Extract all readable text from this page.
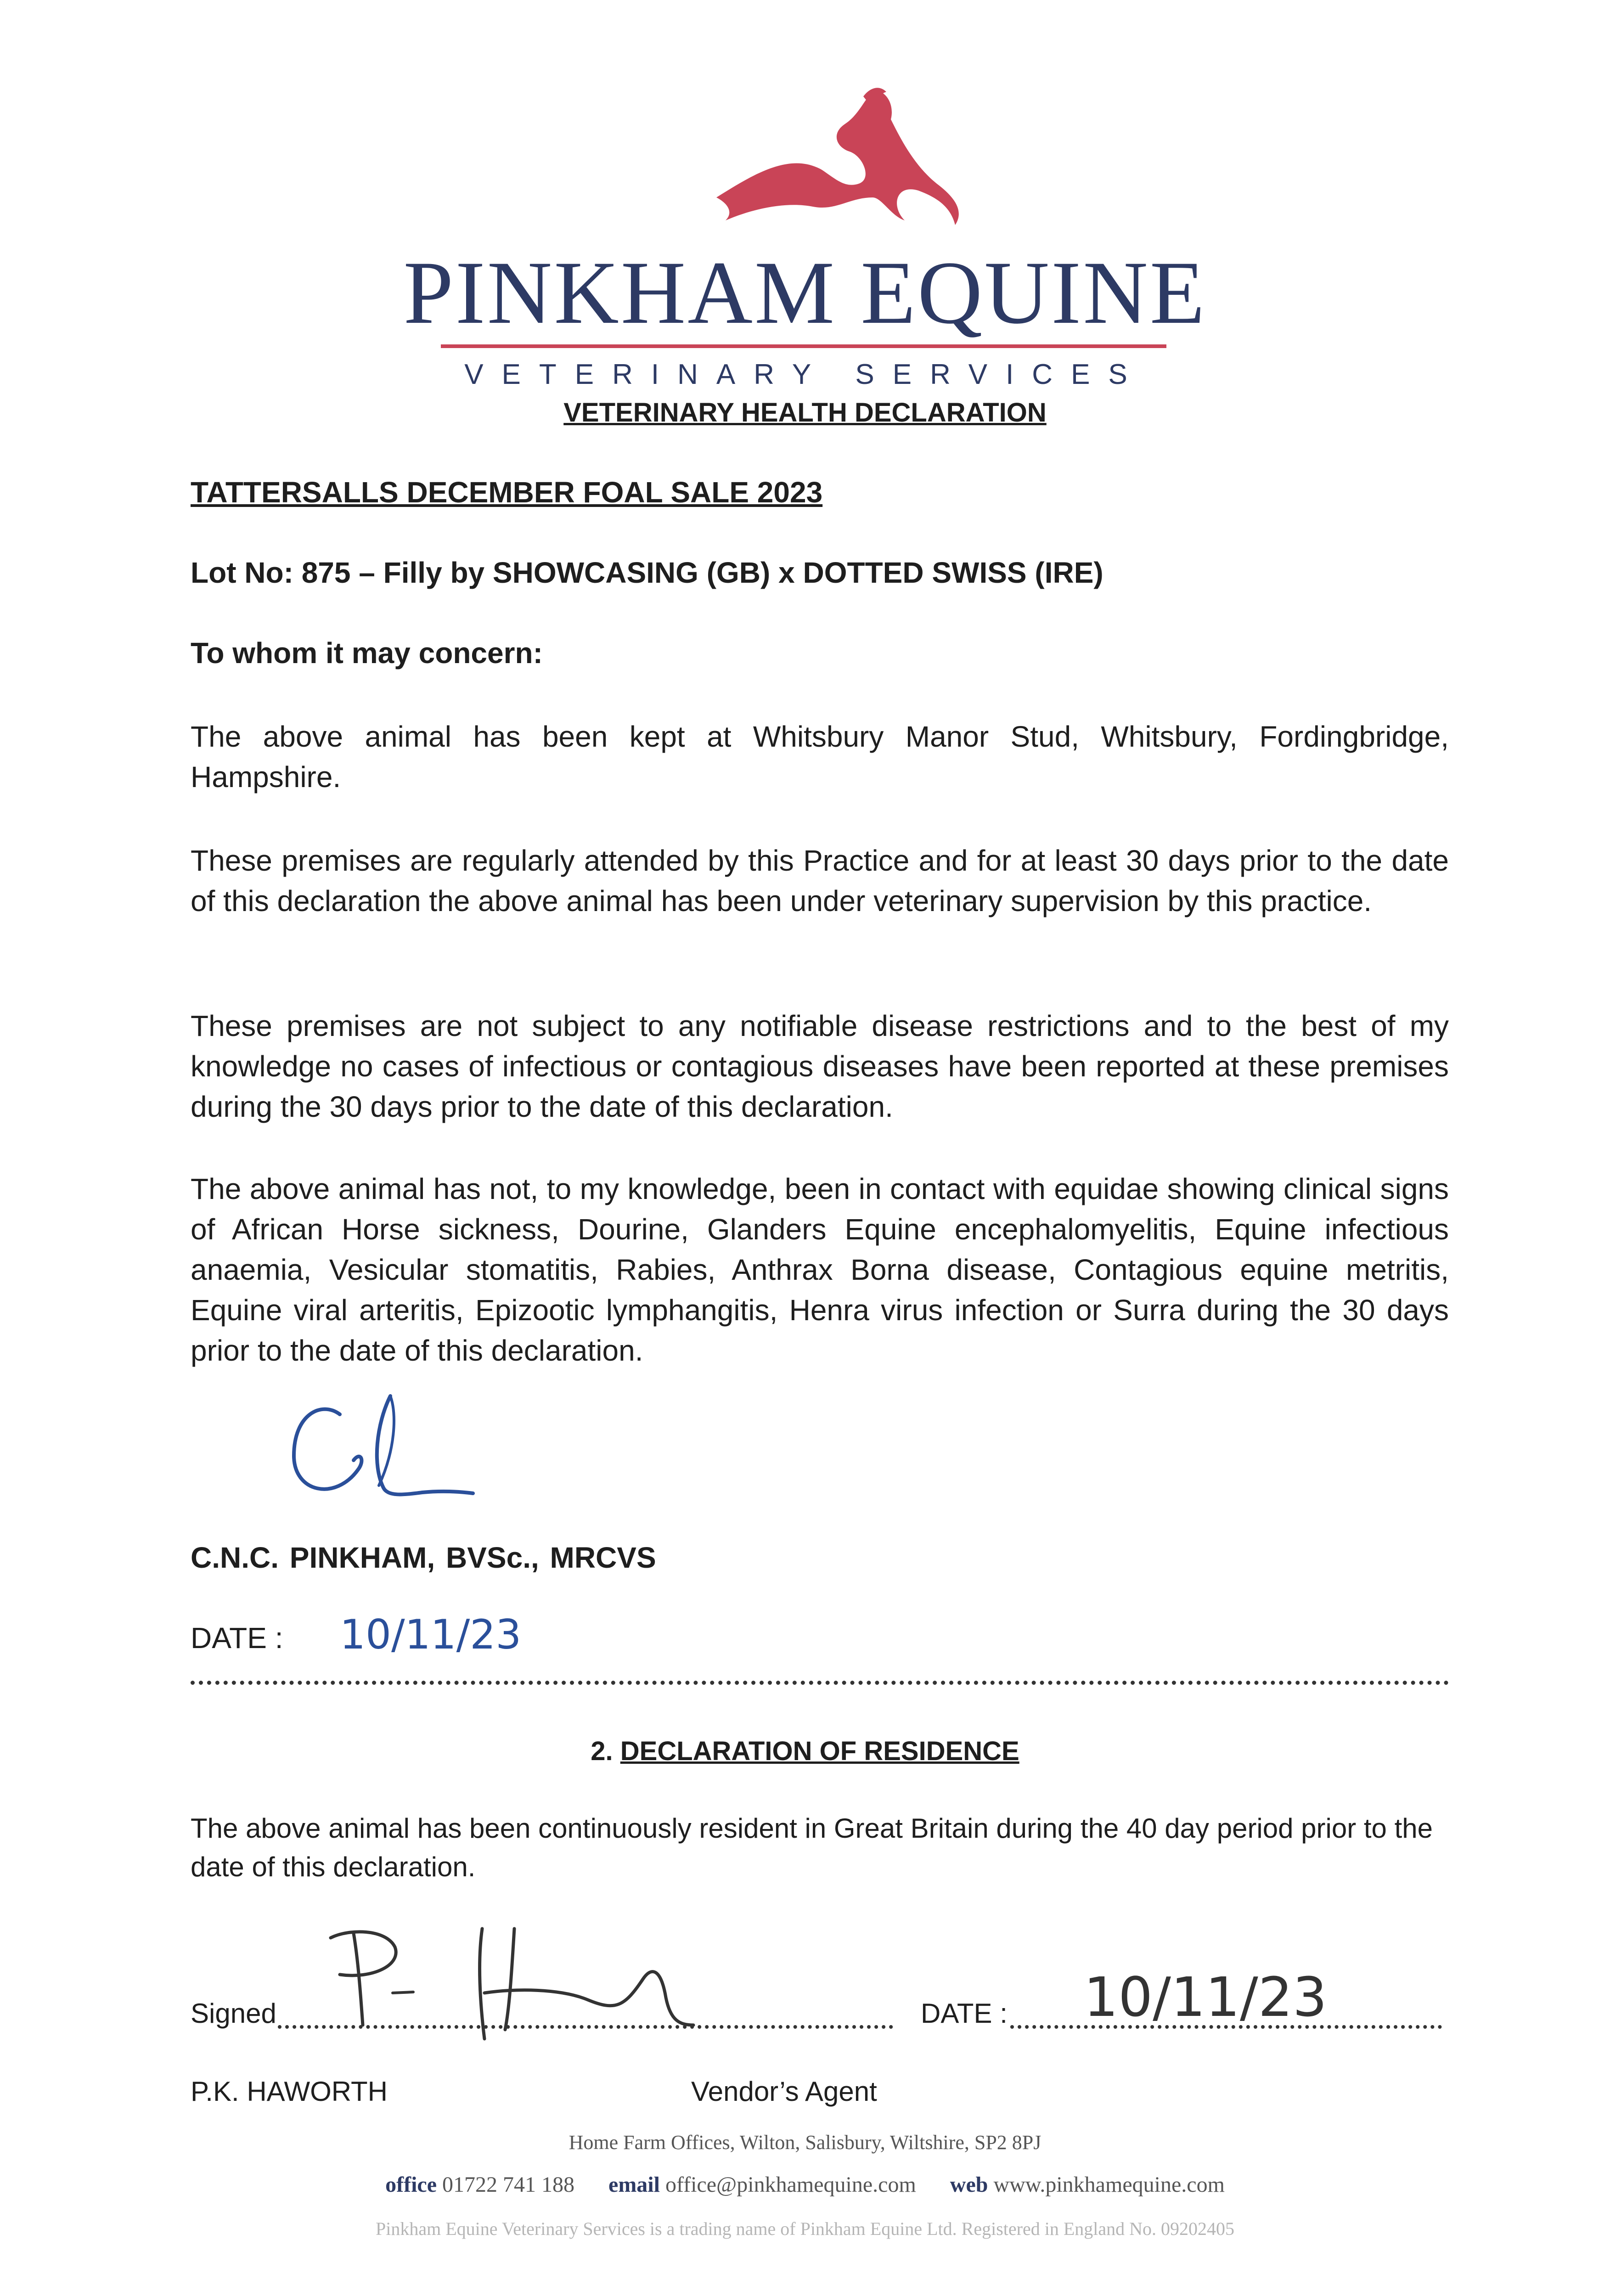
PINKHAM EQUINE
VETERINARY SERVICES
VETERINARY HEALTH DECLARATION
TATTERSALLS DECEMBER FOAL SALE 2023
Lot No: 875 – Filly by SHOWCASING (GB) x DOTTED SWISS (IRE)
To whom it may concern:

The above animal has been kept at Whitsbury Manor Stud, Whitsbury, Fordingbridge, Hampshire.

These premises are regularly attended by this Practice and for at least 30 days prior to the date of this declaration the above animal has been under veterinary supervision by this practice.

These premises are not subject to any notifiable disease restrictions and to the best of my knowledge no cases of infectious or contagious diseases have been reported at these premises during the 30 days prior to the date of this declaration.

The above animal has not, to my knowledge, been in contact with equidae showing clinical signs of African Horse sickness, Dourine, Glanders Equine encephalomyelitis, Equine infectious anaemia, Vesicular stomatitis, Rabies, Anthrax Borna disease, Contagious equine metritis, Equine viral arteritis, Epizootic lymphangitis, Henra virus infection or Surra during the 30 days prior to the date of this declaration.

C.N.C. PINKHAM, BVSc., MRCVS
DATE : 10/11/23
2. DECLARATION OF RESIDENCE

The above animal has been continuously resident in Great Britain during the 40 day period prior to the date of this declaration.

Signed	DATE : 10/11/23
P.K. HAWORTH	Vendor’s Agent
Home Farm Offices, Wilton, Salisbury, Wiltshire, SP2 8PJ
office 01722 741 188 email office@pinkhamequine.com web www.pinkhamequine.com
Pinkham Equine Veterinary Services is a trading name of Pinkham Equine Ltd. Registered in England No. 09202405
